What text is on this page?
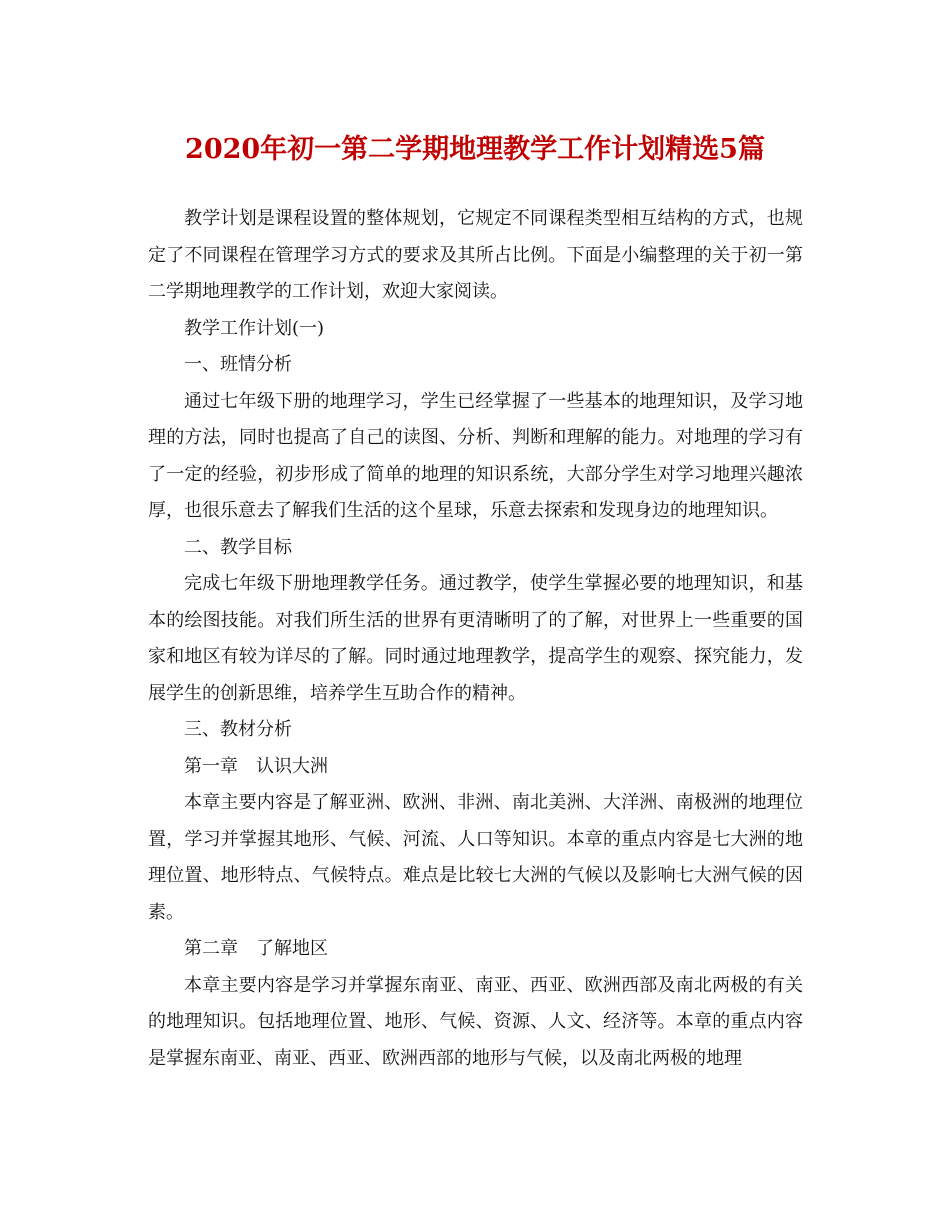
2020年初一第二学期地理教学工作计划精选5篇

教学计划是课程设置的整体规划，它规定不同课程类型相互结构的方式，也规定了不同课程在管理学习方式的要求及其所占比例。下面是小编整理的关于初一第二学期地理教学的工作计划，欢迎大家阅读。

教学工作计划(一)

一、班情分析

通过七年级下册的地理学习，学生已经掌握了一些基本的地理知识，及学习地理的方法，同时也提高了自己的读图、分析、判断和理解的能力。对地理的学习有了一定的经验，初步形成了简单的地理的知识系统，大部分学生对学习地理兴趣浓厚，也很乐意去了解我们生活的这个星球，乐意去探索和发现身边的地理知识。

二、教学目标

完成七年级下册地理教学任务。通过教学，使学生掌握必要的地理知识，和基本的绘图技能。对我们所生活的世界有更清晰明了的了解，对世界上一些重要的国家和地区有较为详尽的了解。同时通过地理教学，提高学生的观察、探究能力，发展学生的创新思维，培养学生互助合作的精神。

三、教材分析

第一章　认识大洲

本章主要内容是了解亚洲、欧洲、非洲、南北美洲、大洋洲、南极洲的地理位置，学习并掌握其地形、气候、河流、人口等知识。本章的重点内容是七大洲的地理位置、地形特点、气候特点。难点是比较七大洲的气候以及影响七大洲气候的因素。

第二章　了解地区

本章主要内容是学习并掌握东南亚、南亚、西亚、欧洲西部及南北两极的有关的地理知识。包括地理位置、地形、气候、资源、人文、经济等。本章的重点内容是掌握东南亚、南亚、西亚、欧洲西部的地形与气候，以及南北两极的地理
